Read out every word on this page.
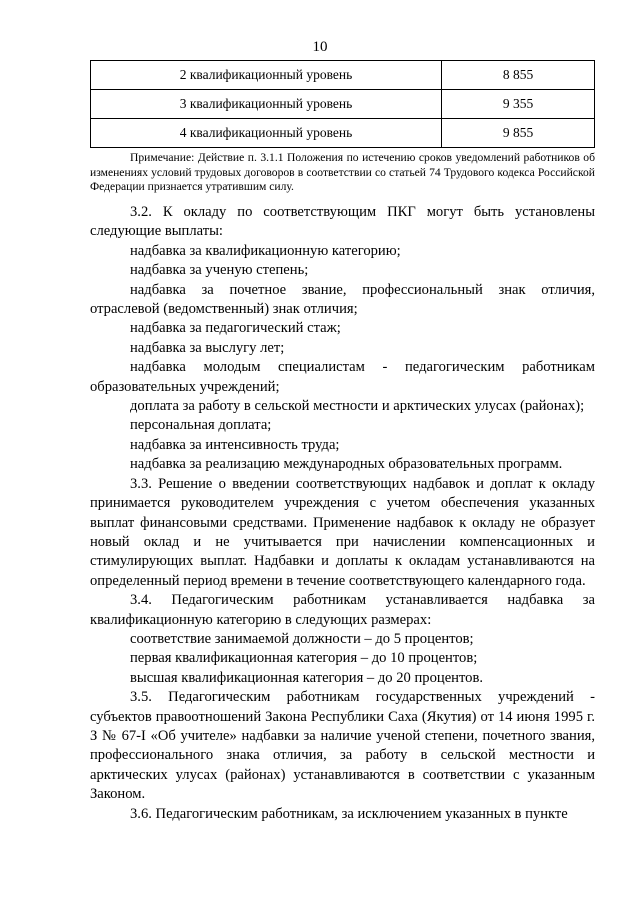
10
2 квалификационный уровень	8 855
3 квалификационный уровень	9 355
4 квалификационный уровень	9 855
Примечание: Действие п. 3.1.1 Положения по истечению сроков уведомлений работников об изменениях условий трудовых договоров в соответствии со статьей 74 Трудового кодекса Российской Федерации признается утратившим силу.

3.2. К окладу по соответствующим ПКГ могут быть установлены следующие выплаты:

надбавка за квалификационную категорию;

надбавка за ученую степень;

надбавка за почетное звание, профессиональный знак отличия, отраслевой (ведомственный) знак отличия;

надбавка за педагогический стаж;

надбавка за выслугу лет;

надбавка молодым специалистам - педагогическим работникам образовательных учреждений;

доплата за работу в сельской местности и арктических улусах (районах);

персональная доплата;

надбавка за интенсивность труда;

надбавка за реализацию международных образовательных программ.

3.3. Решение о введении соответствующих надбавок и доплат к окладу принимается руководителем учреждения с учетом обеспечения указанных выплат финансовыми средствами. Применение надбавок к окладу не образует новый оклад и не учитывается при начислении компенсационных и стимулирующих выплат. Надбавки и доплаты к окладам устанавливаются на определенный период времени в течение соответствующего календарного года.

3.4. Педагогическим работникам устанавливается надбавка за квалификационную категорию в следующих размерах:

соответствие занимаемой должности – до 5 процентов;

первая квалификационная категория – до 10 процентов;

высшая квалификационная категория – до 20 процентов.

3.5. Педагогическим работникам государственных учреждений - субъектов правоотношений Закона Республики Саха (Якутия) от 14 июня 1995 г. З № 67-I «Об учителе» надбавки за наличие ученой степени, почетного звания, профессионального знака отличия, за работу в сельской местности и арктических улусах (районах) устанавливаются в соответствии с указанным Законом.

3.6. Педагогическим работникам, за исключением указанных в пункте
